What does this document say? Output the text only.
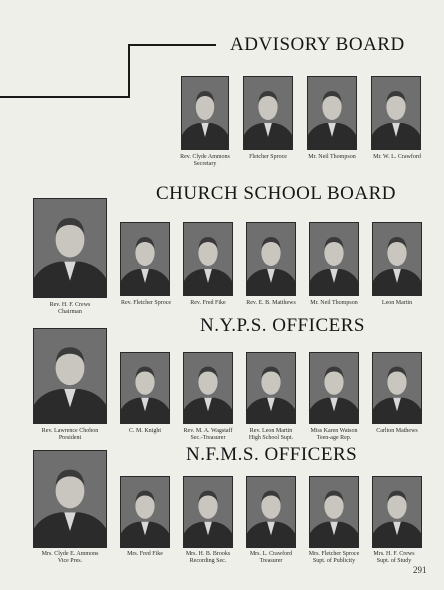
ADVISORY BOARD
Rev. Clyde Ammons
Secretary
Fletcher Sproce	Mr. Neil Thompson	Mr. W. L. Crawford
CHURCH SCHOOL BOARD
Rev. H. F. Crews
Chairman
Rev. Fletcher Sproce	Rev. Fred Fike	Rev. E. B. Matthews	Mr. Neil Thompson	Leon Martin
N.Y.P.S. OFFICERS
Rev. Lawrence Chohon
President
C. M. Knight	Rev. M. A. Wagstaff
Sec.-Treasurer
Rev. Leon Martin
High School Supt.
Miss Karen Watson
Teen-age Rep.
Carlton Mathews
N.F.M.S. OFFICERS
Mrs. Clyde E. Ammons
Vice Pres.
Mrs. Fred Fike	Mrs. H. B. Brooks
Recording Sec.
Mrs. L. Crawford
Treasurer
Mrs. Fletcher Sproce
Supt. of Publicity
Mrs. H. F. Crews
Supt. of Study
291
